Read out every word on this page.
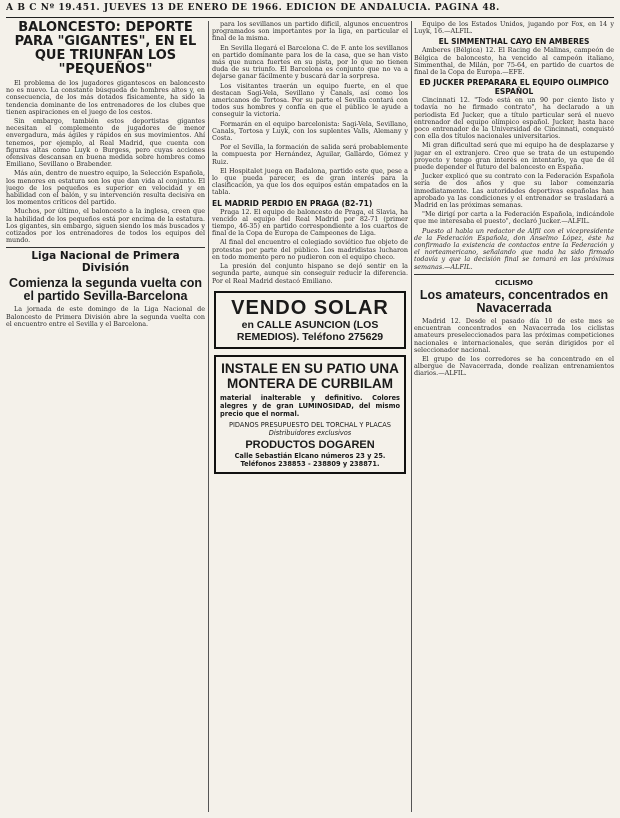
A B C Nº 19.451. JUEVES 13 DE ENERO DE 1966. EDICION DE ANDALUCIA. PAGINA 48.
BALONCESTO: DEPORTE PARA "GIGANTES", EN EL QUE TRIUNFAN LOS "PEQUEÑOS"

El problema de los jugadores gigantescos en baloncesto no es nuevo. La constante búsqueda de hombres altos y, en consecuencia, de los más dotados físicamente, ha sido la tendencia dominante de los entrenadores de los clubes que tienen aspiraciones en el juego de los cestos.

Sin embargo, también estos deportistas gigantes necesitan el complemento de jugadores de menor envergadura, más ágiles y rápidos en sus movimientos. Ahí tenemos, por ejemplo, al Real Madrid, que cuenta con figuras altas como Luyk o Burgess, pero cuyas acciones ofensivas descansan en buena medida sobre hombres como Emiliano, Sevillano o Brabender.

Más aún, dentro de nuestro equipo, la Selección Española, los menores en estatura son los que dan vida al conjunto. El juego de los pequeños es superior en velocidad y en habilidad con el balón, y su intervención resulta decisiva en los momentos críticos del partido.

Muchos, por último, el baloncesto a la inglesa, creen que la habilidad de los pequeños está por encima de la estatura. Los gigantes, sin embargo, siguen siendo los más buscados y cotizados por los entrenadores de todos los equipos del mundo.

Liga Nacional de Primera División
Comienza la segunda vuelta con el partido Sevilla-Barcelona

La jornada de este domingo de la Liga Nacional de Baloncesto de Primera División abre la segunda vuelta con el encuentro entre el Sevilla y el Barcelona.

para los sevillanos un partido difícil, algunos encuentros programados son importantes por la liga, en particular el final de la misma.

En Sevilla llegará el Barcelona C. de F. ante los sevillanos en partido dominante para los de la casa, que se han visto más que nunca fuertes en su pista, por lo que no tienen duda de su triunfo. El Barcelona es conjunto que no va a dejarse ganar fácilmente y buscará dar la sorpresa.

Los visitantes traerán un equipo fuerte, en el que destacan Sagi-Vela, Sevillano y Canals, así como los americanos de Tortosa. Por su parte el Sevilla contará con todos sus hombres y confía en que el público le ayude a conseguir la victoria.

Formarán en el equipo barcelonista: Sagi-Vela, Sevillano, Canals, Tortosa y Luyk, con los suplentes Valls, Alemany y Costa.

Por el Sevilla, la formación de salida será probablemente la compuesta por Hernández, Aguilar, Gallardo, Gómez y Ruiz.

El Hospitalet juega en Badalona, partido este que, pese a lo que pueda parecer, es de gran interés para la clasificación, ya que los dos equipos están empatados en la tabla.

EL MADRID PERDIO EN PRAGA (82-71)

Praga 12. El equipo de baloncesto de Praga, el Slavia, ha vencido al equipo del Real Madrid por 82-71 (primer tiempo, 46-35) en partido correspondiente a los cuartos de final de la Copa de Europa de Campeones de Liga.

Al final del encuentro el colegiado soviético fue objeto de protestas por parte del público. Los madridistas lucharon en todo momento pero no pudieron con el equipo checo.

La presión del conjunto hispano se dejó sentir en la segunda parte, aunque sin conseguir reducir la diferencia. Por el Real Madrid destacó Emiliano.

VENDO SOLAR
en CALLE ASUNCION (LOS REMEDIOS). Teléfono 275629
INSTALE EN SU PATIO UNA MONTERA DE CURBILAM
material inalterable y definitivo. Colores alegres y de gran LUMINOSIDAD, del mismo precio que el normal.
PIDANOS PRESUPUESTO DEL TORCHAL Y PLACAS
Distribuidores exclusivos
PRODUCTOS DOGAREN
Calle Sebastián Elcano números 23 y 25. Teléfonos 238853 - 238809 y 238871.

Equipo de los Estados Unidos, jugando por Fox, en 14 y Luyk, 16.—ALFIL.

EL SIMMENTHAL CAYO EN AMBERES

Amberes (Bélgica) 12. El Racing de Malinas, campeón de Bélgica de baloncesto, ha vencido al campeón italiano, Simmenthal, de Milán, por 75-64, en partido de cuartos de final de la Copa de Europa.—EFE.

ED JUCKER PREPARARA EL EQUIPO OLIMPICO ESPAÑOL

Cincinnati 12. "Todo está en un 90 por ciento listo y todavía no he firmado contrato", ha declarado a un periodista Ed Jucker, que a título particular será el nuevo entrenador del equipo olímpico español. Jucker, hasta hace poco entrenador de la Universidad de Cincinnati, conquistó con ella dos títulos nacionales universitarios.

Mi gran dificultad será que mi equipo ha de desplazarse y jugar en el extranjero. Creo que se trata de un estupendo proyecto y tengo gran interés en intentarlo, ya que de él puede depender el futuro del baloncesto en España.

Jucker explicó que su contrato con la Federación Española sería de dos años y que su labor comenzaría inmediatamente. Las autoridades deportivas españolas han aprobado ya las condiciones y el entrenador se trasladará a Madrid en las próximas semanas.

"Me dirigí por carta a la Federación Española, indicándole que me interesaba el puesto", declaró Jucker.—ALFIL.

Puesto al habla un redactor de Alfil con el vicepresidente de la Federación Española, don Anselmo López, éste ha confirmado la existencia de contactos entre la Federación y el norteamericano, señalando que nada ha sido firmado todavía y que la decisión final se tomará en las próximas semanas.—ALFIL.

CICLISMO
Los amateurs, concentrados en Navacerrada

Madrid 12. Desde el pasado día 10 de este mes se encuentran concentrados en Navacerrada los ciclistas amateurs preseleccionados para las próximas competiciones nacionales e internacionales, que serán dirigidos por el seleccionador nacional.

El grupo de los corredores se ha concentrado en el albergue de Navacerrada, donde realizan entrenamientos diarios.—ALFIL.
